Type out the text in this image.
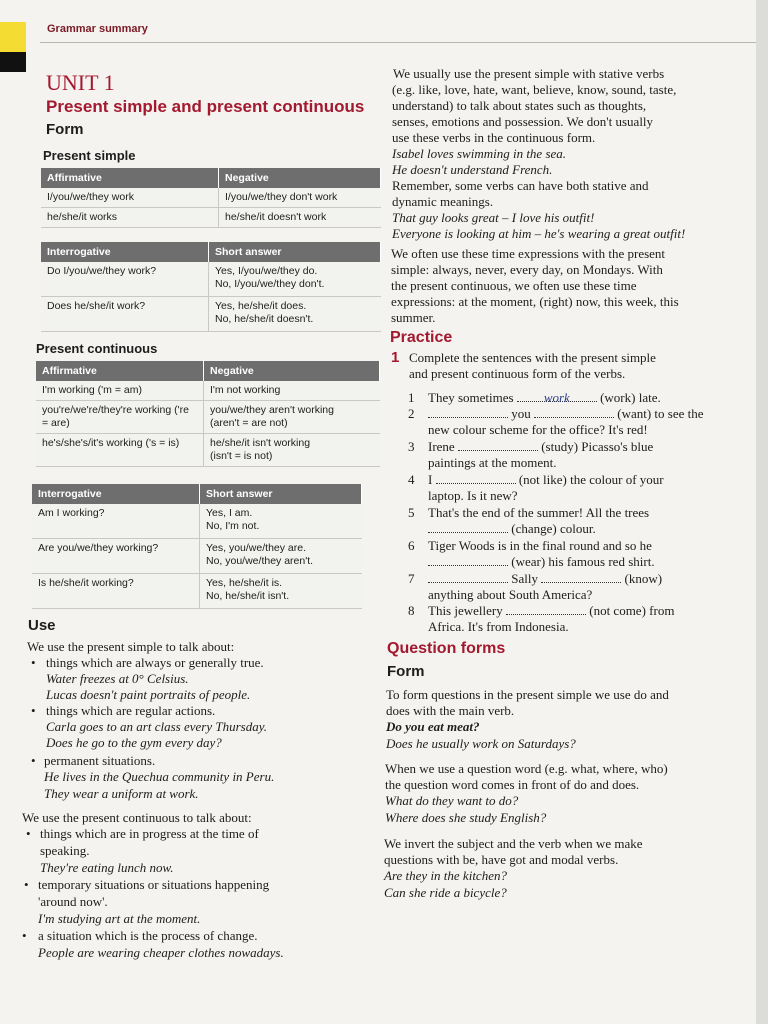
Grammar summary
UNIT 1
Present simple and present continuous
Form
Present simple
Affirmative	Negative
I/you/we/they work	I/you/we/they don't work
he/she/it works	he/she/it doesn't work
Interrogative	Short answer
Do I/you/we/they work?	Yes, I/you/we/they do.
No, I/you/we/they don't.

Does he/she/it work?	Yes, he/she/it does.
No, he/she/it doesn't.
Present continuous
Affirmative	Negative
I'm working ('m = am)	I'm not working
you're/we're/they're working ('re = are)	you/we/they aren't working
(aren't = are not)

he's/she's/it's working ('s = is)	he/she/it isn't working
(isn't = is not)
Interrogative	Short answer
Am I working?	Yes, I am.
No, I'm not.

Are you/we/they working?	Yes, you/we/they are.
No, you/we/they aren't.

Is he/she/it working?	Yes, he/she/it is.
No, he/she/it isn't.
Use
We use the present simple to talk about:
• things which are always or generally true.
Water freezes at 0° Celsius.
Lucas doesn't paint portraits of people.
• things which are regular actions.
Carla goes to an art class every Thursday.
Does he go to the gym every day?
• permanent situations.
He lives in the Quechua community in Peru.
They wear a uniform at work.
We use the present continuous to talk about:
• things which are in progress at the time of
speaking.
They're eating lunch now.
• temporary situations or situations happening
'around now'.
I'm studying art at the moment.
• a situation which is the process of change.
People are wearing cheaper clothes nowadays.
We usually use the present simple with stative verbs
(e.g. like, love, hate, want, believe, know, sound, taste,
understand) to talk about states such as thoughts,
senses, emotions and possession. We don't usually
use these verbs in the continuous form.
Isabel loves swimming in the sea.
He doesn't understand French.
Remember, some verbs can have both stative and
dynamic meanings.
That guy looks great – I love his outfit!
Everyone is looking at him – he's wearing a great outfit!
We often use these time expressions with the present
simple: always, never, every day, on Mondays. With
the present continuous, we often use these time
expressions: at the moment, (right) now, this week, this
summer.
Practice
1 Complete the sentences with the present simple
and present continuous form of the verbs.
1 They sometimes work (work) late.
2	you	(want) to see the
new colour scheme for the office? It's red!
3 Irene	(study) Picasso's blue
paintings at the moment.
4 I	(not like) the colour of your
laptop. Is it new?
5 That's the end of the summer! All the trees
(change) colour.
6 Tiger Woods is in the final round and so he
(wear) his famous red shirt.
7	Sally	(know)
anything about South America?
8 This jewellery	(not come) from
Africa. It's from Indonesia.
Question forms
Form
To form questions in the present simple we use do and
does with the main verb.
Do you eat meat?
Does he usually work on Saturdays?
When we use a question word (e.g. what, where, who)
the question word comes in front of do and does.
What do they want to do?
Where does she study English?
We invert the subject and the verb when we make
questions with be, have got and modal verbs.
Are they in the kitchen?
Can she ride a bicycle?
